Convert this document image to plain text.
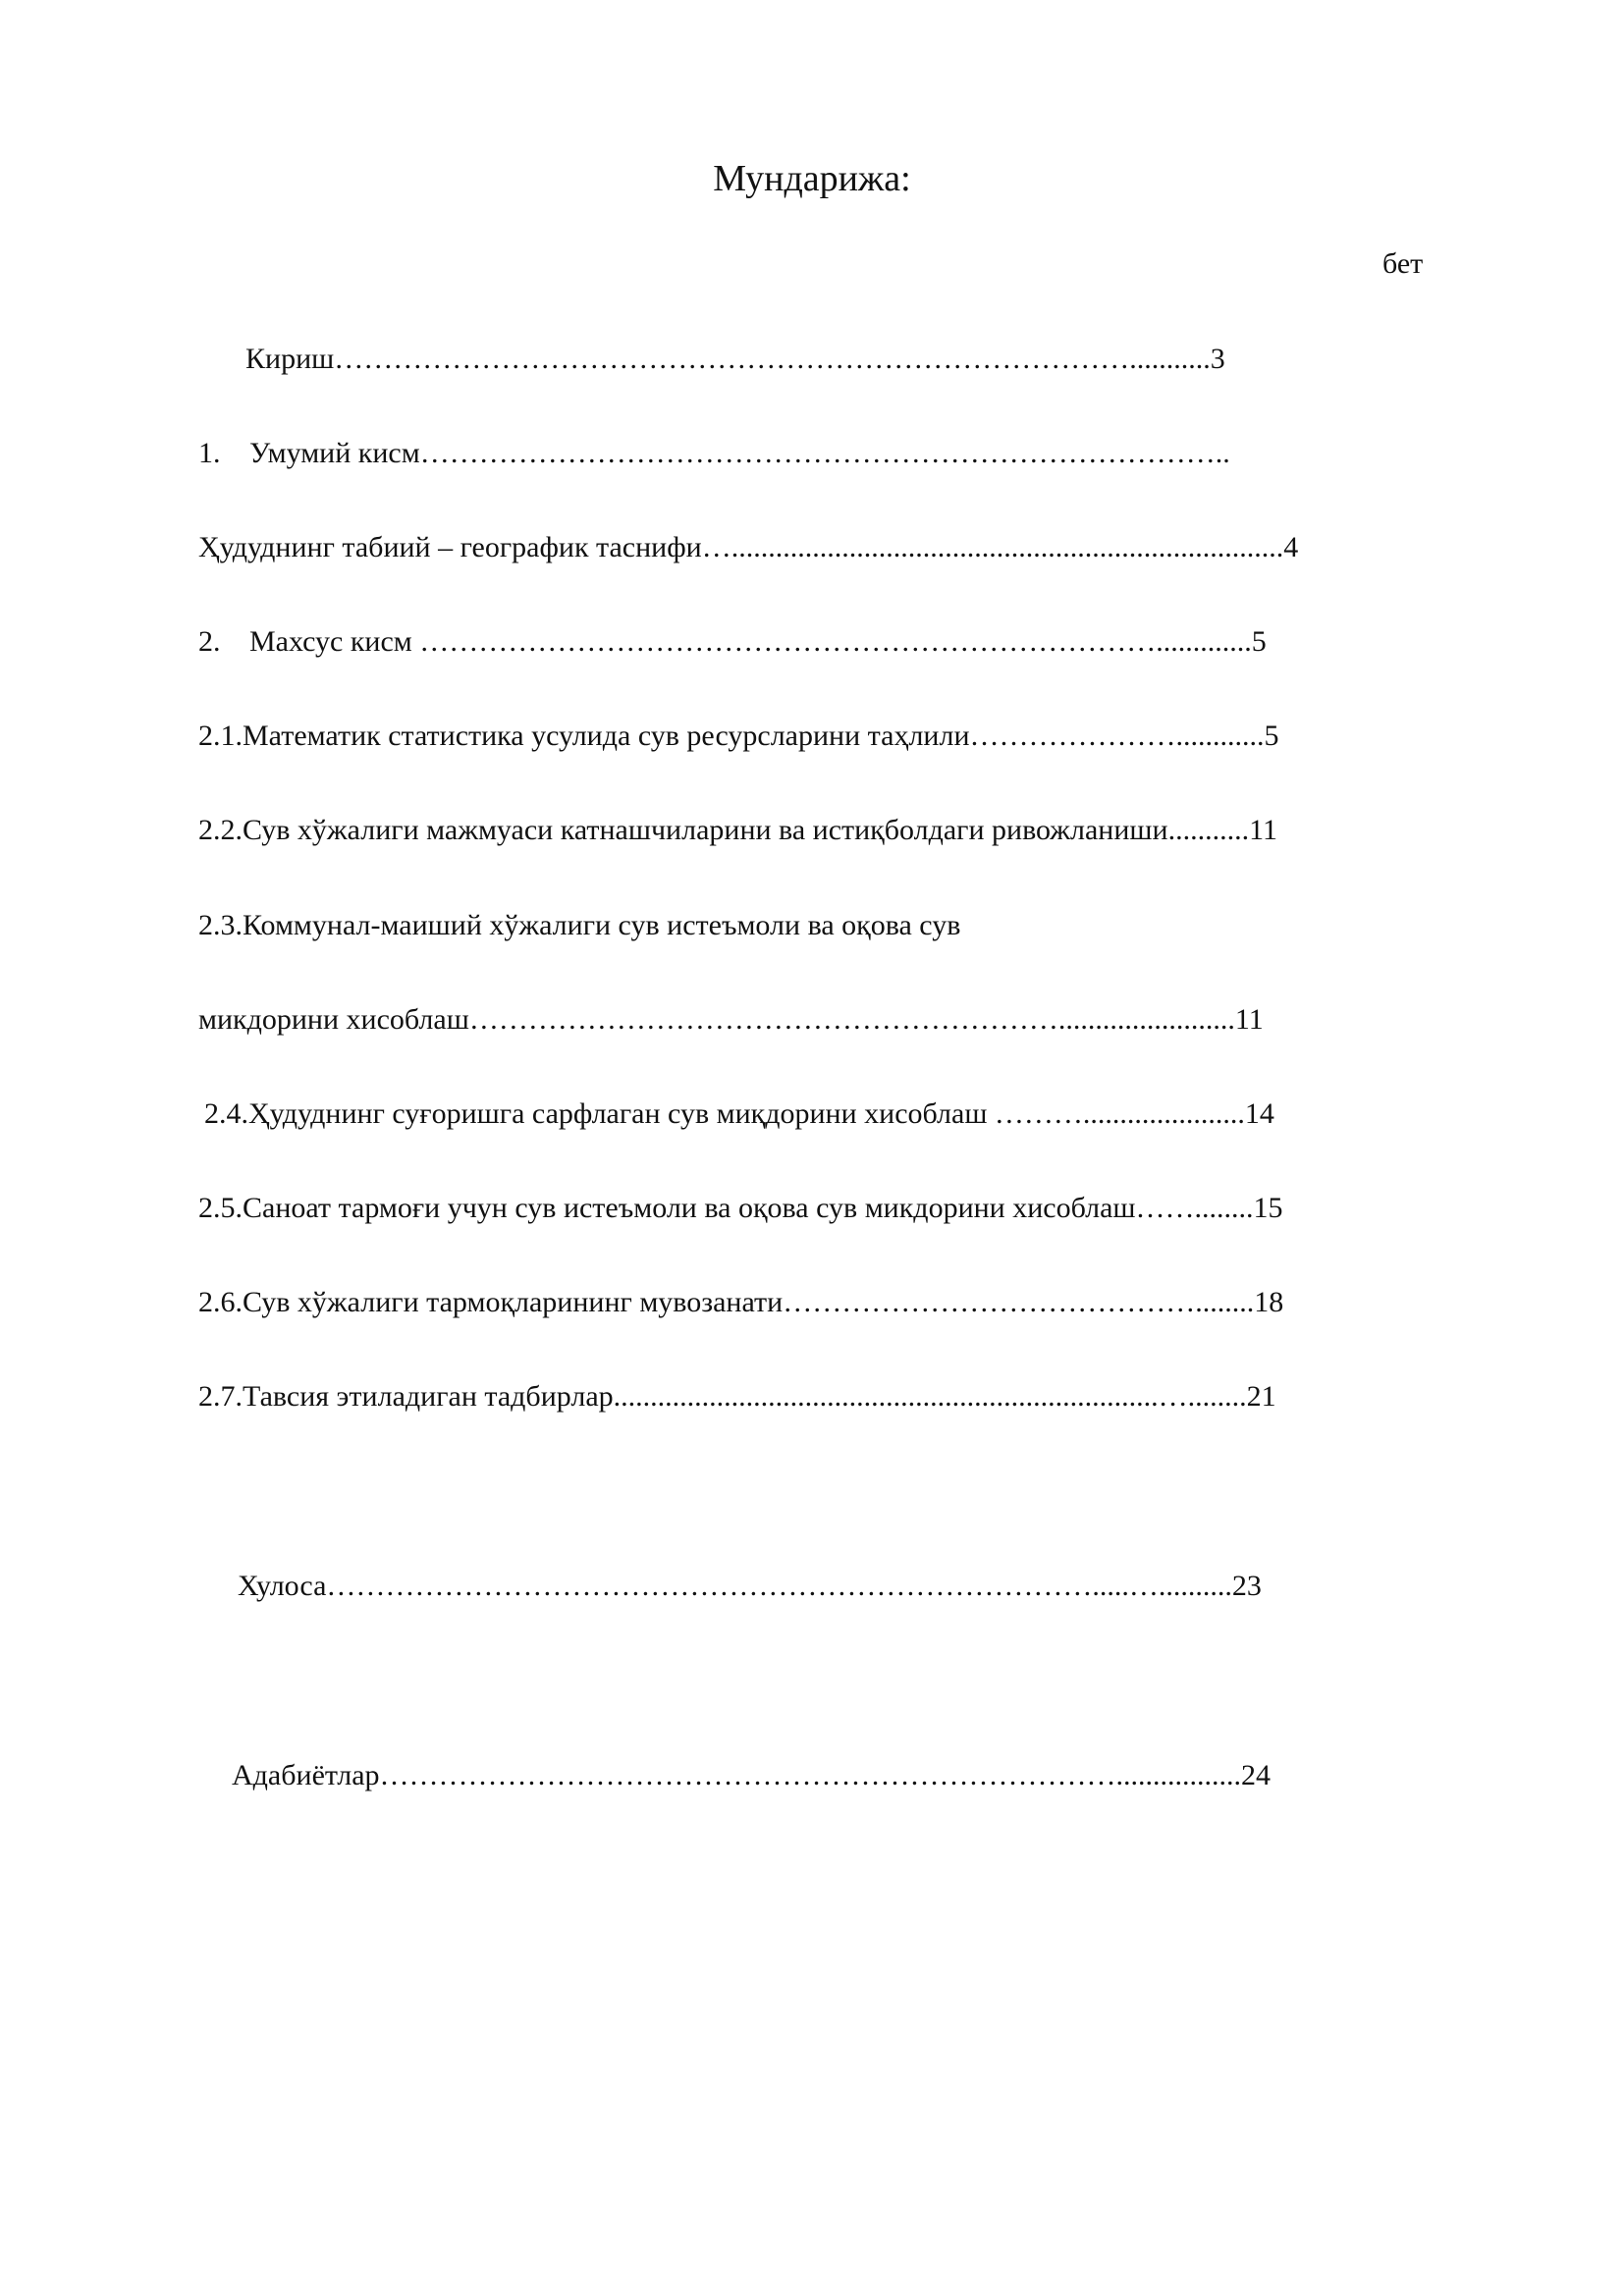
Мундарижа:
бет
Кириш………………………………………………………………………...........3
1. Умумий кисм………………………………………………………………………..
Ҳудуднинг табиий – географик таснифи…...........................................................................4
2. Махсус кисм ………………………………………………………………….............5
2.1.Математик статистика усулида сув ресурсларини таҳлили…………………............5
2.2.Сув хўжалиги мажмуаси катнашчиларини ва истиқболдаги ривожланиши...........11
2.3.Коммунал-маиший хўжалиги сув истеъмоли ва оқова сув
микдорини хисоблаш……………………………………………………........................11
2.4.Ҳудуднинг суғоришга сарфлаган сув миқдорини хисоблаш ………......................14
2.5.Саноат тармоғи учун сув истеъмоли ва оқова сув микдорини хисоблаш……........15
2.6.Сув хўжалиги тармоқларининг мувозанати……………………………………........18
2.7.Тавсия этиладиган тадбирлар..........................................................................…........21
Хулоса…………………………………………………………………….....…..........23
Адабиётлар………………………………………………………………….................24
